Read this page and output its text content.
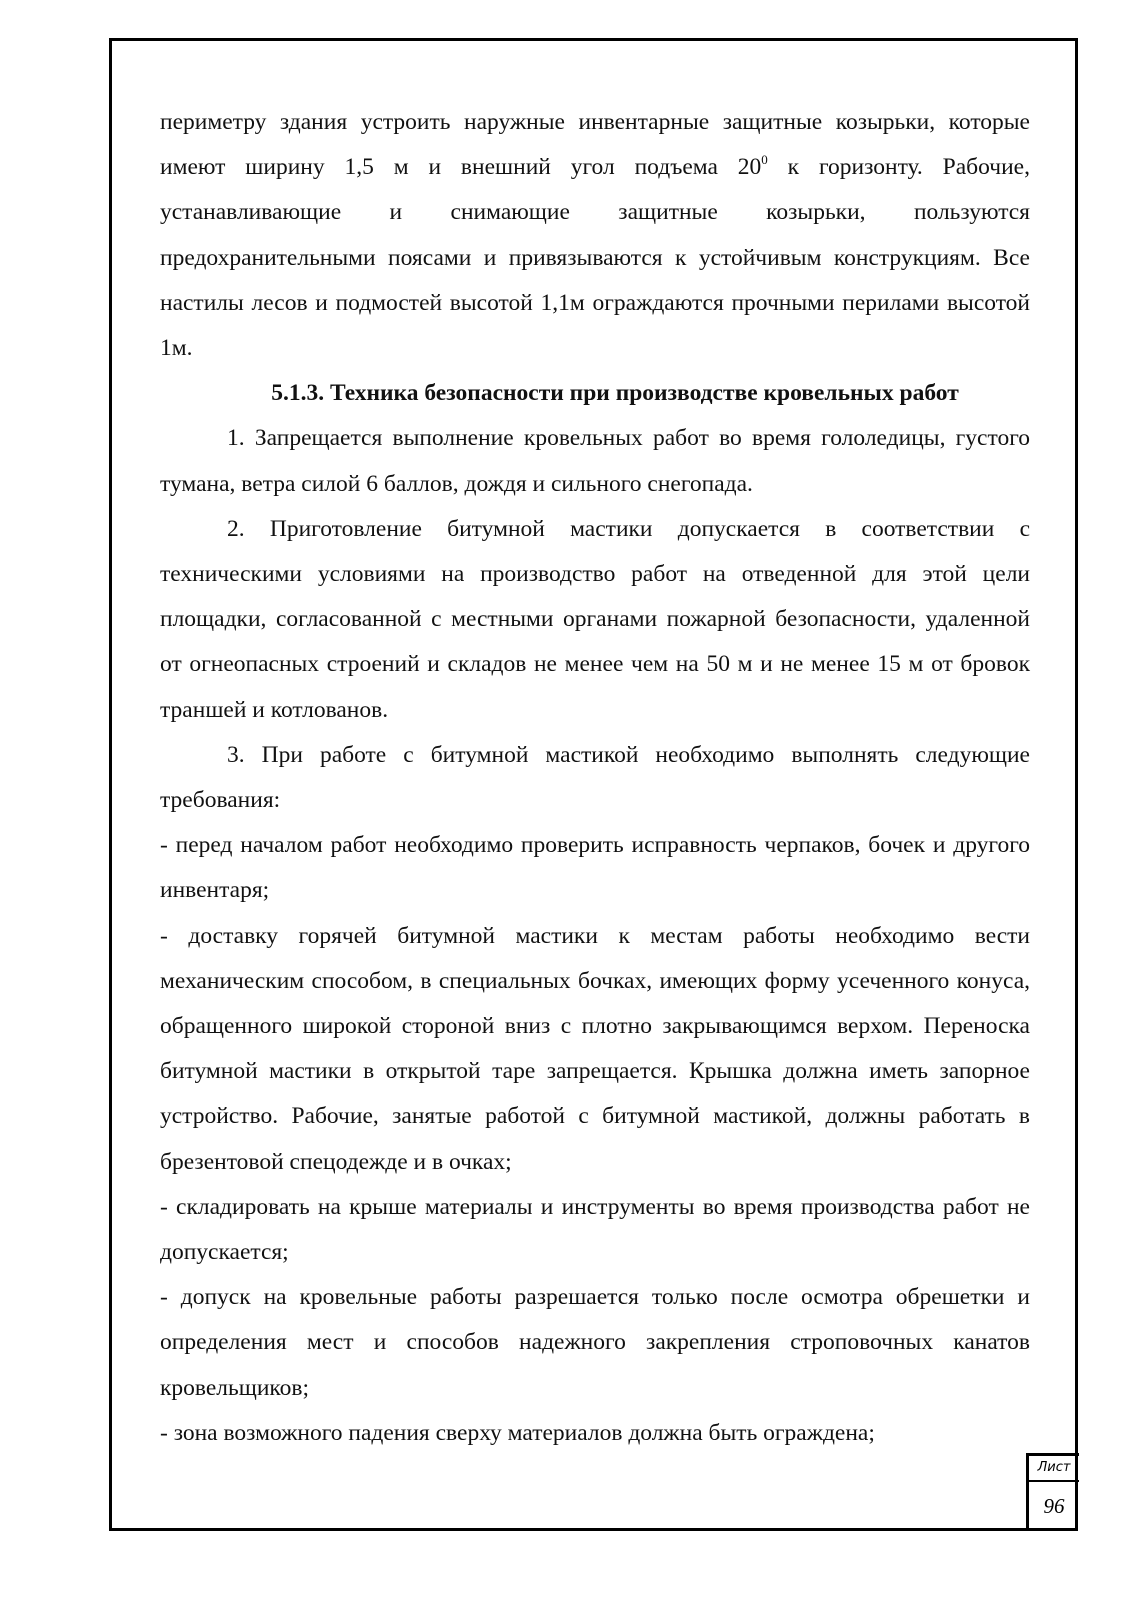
периметру здания устроить наружные инвентарные защитные козырьки, которые имеют ширину 1,5 м и внешний угол подъема $20^0$ к горизонту. Рабочие, устанавливающие и снимающие защитные козырьки, пользуются предохранительными поясами и привязываются к устойчивым конструкциям. Все настилы лесов и подмостей высотой 1,1м ограждаются прочными перилами высотой 1м.

5.1.3. Техника безопасности при производстве кровельных работ

1. Запрещается выполнение кровельных работ во время гололедицы, густого тумана, ветра силой 6 баллов, дождя и сильного снегопада.

2. Приготовление битумной мастики допускается в соответствии с техническими условиями на производство работ на отведенной для этой цели площадки, согласованной с местными органами пожарной безопасности, удаленной от огнеопасных строений и складов не менее чем на 50 м и не менее 15 м от бровок траншей и котлованов.

3. При работе с битумной мастикой необходимо выполнять следующие требования:

- перед началом работ необходимо проверить исправность черпаков, бочек и другого инвентаря;

- доставку горячей битумной мастики к местам работы необходимо вести механическим способом, в специальных бочках, имеющих форму усеченного конуса, обращенного широкой стороной вниз с плотно закрывающимся верхом. Переноска битумной мастики в открытой таре запрещается. Крышка должна иметь запорное устройство. Рабочие, занятые работой с битумной мастикой, должны работать в брезентовой спецодежде и в очках;

- складировать на крыше материалы и инструменты во время производства работ не допускается;

- допуск на кровельные работы разрешается только после осмотра обрешетки и определения мест и способов надежного закрепления строповочных канатов кровельщиков;

- зона возможного падения сверху материалов должна быть ограждена;

Лист
96
